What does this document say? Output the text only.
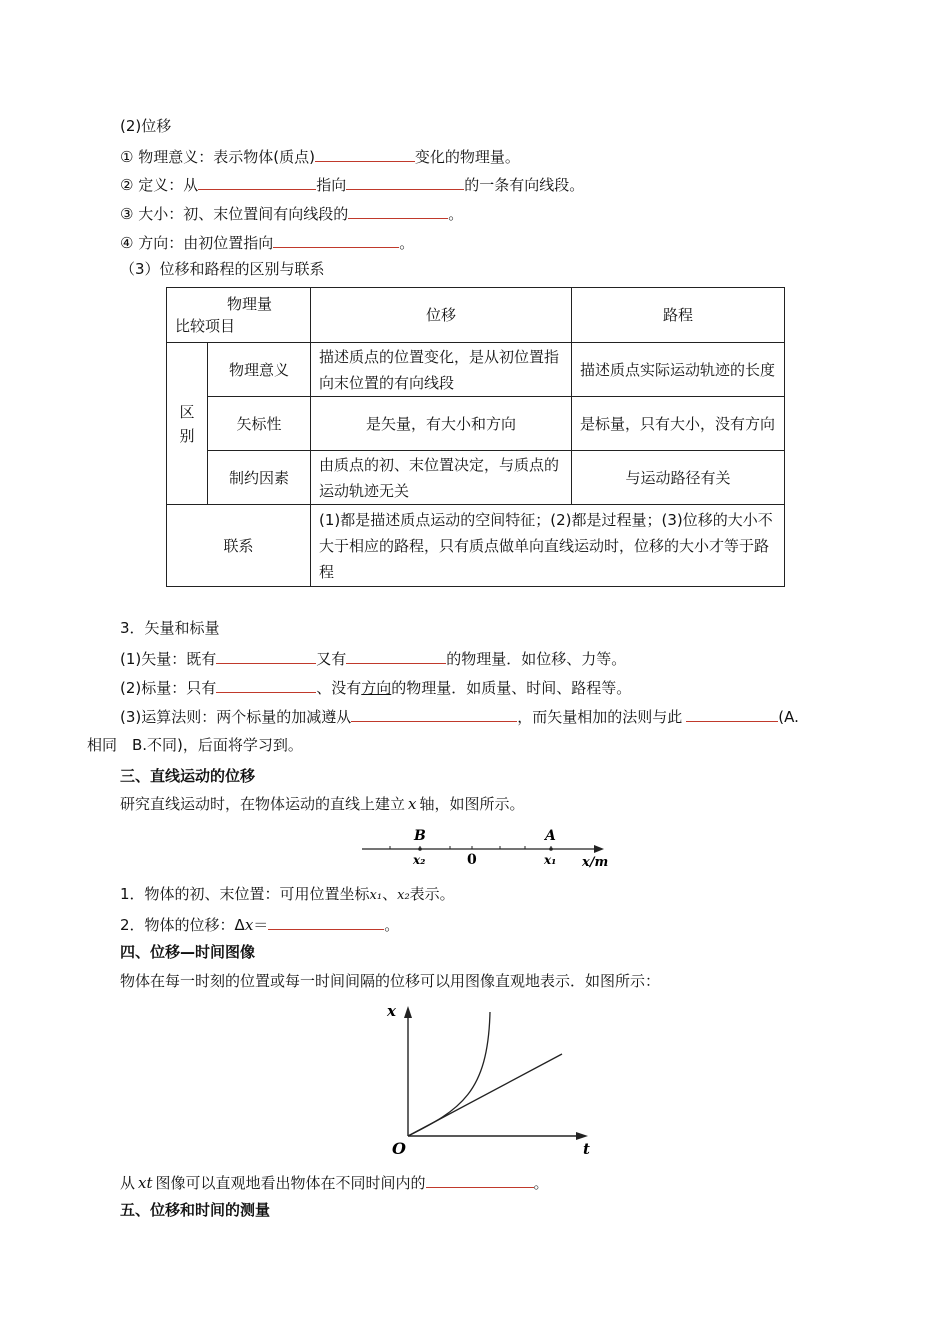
(2)位移
① 物理意义：表示物体(质点)	变化的物理量。
② 定义：从	指向	的一条有向线段。
③ 大小：初、末位置间有向线段的	。
④ 方向：由初位置指向	。
（3）位移和路程的区别与联系
物理量
比较项目		位移	路程
区别	物理意义	描述质点的位置变化，是从初位置指向末位置的有向线段	描述质点实际运动轨迹的长度
	矢标性	是矢量，有大小和方向	是标量，只有大小，没有方向
	制约因素	由质点的初、末位置决定，与质点的运动轨迹无关	与运动路径有关
联系		(1)都是描述质点运动的空间特征；(2)都是过程量；(3)位移的大小不大于相应的路程，只有质点做单向直线运动时，位移的大小才等于路程	
3．矢量和标量
(1)矢量：既有	又有	的物理量．如位移、力等。
(2)标量：只有	、没有方向的物理量．如质量、时间、路程等。
(3)运算法则：两个标量的加减遵从	，而矢量相加的法则与此	(A.
相同　B.不同)，后面将学习到。
三、直线运动的位移
研究直线运动时，在物体运动的直线上建立 x 轴，如图所示。
B	A
x₂	0	x₁ x/m
1．物体的初、末位置：可用位置坐标x₁、x₂表示。
2．物体的位移：Δx＝	。
四、位移—时间图像
物体在每一时刻的位置或每一时间间隔的位移可以用图像直观地表示．如图所示：
x
t
O
从 xt 图像可以直观地看出物体在不同时间内的	。
五、位移和时间的测量
